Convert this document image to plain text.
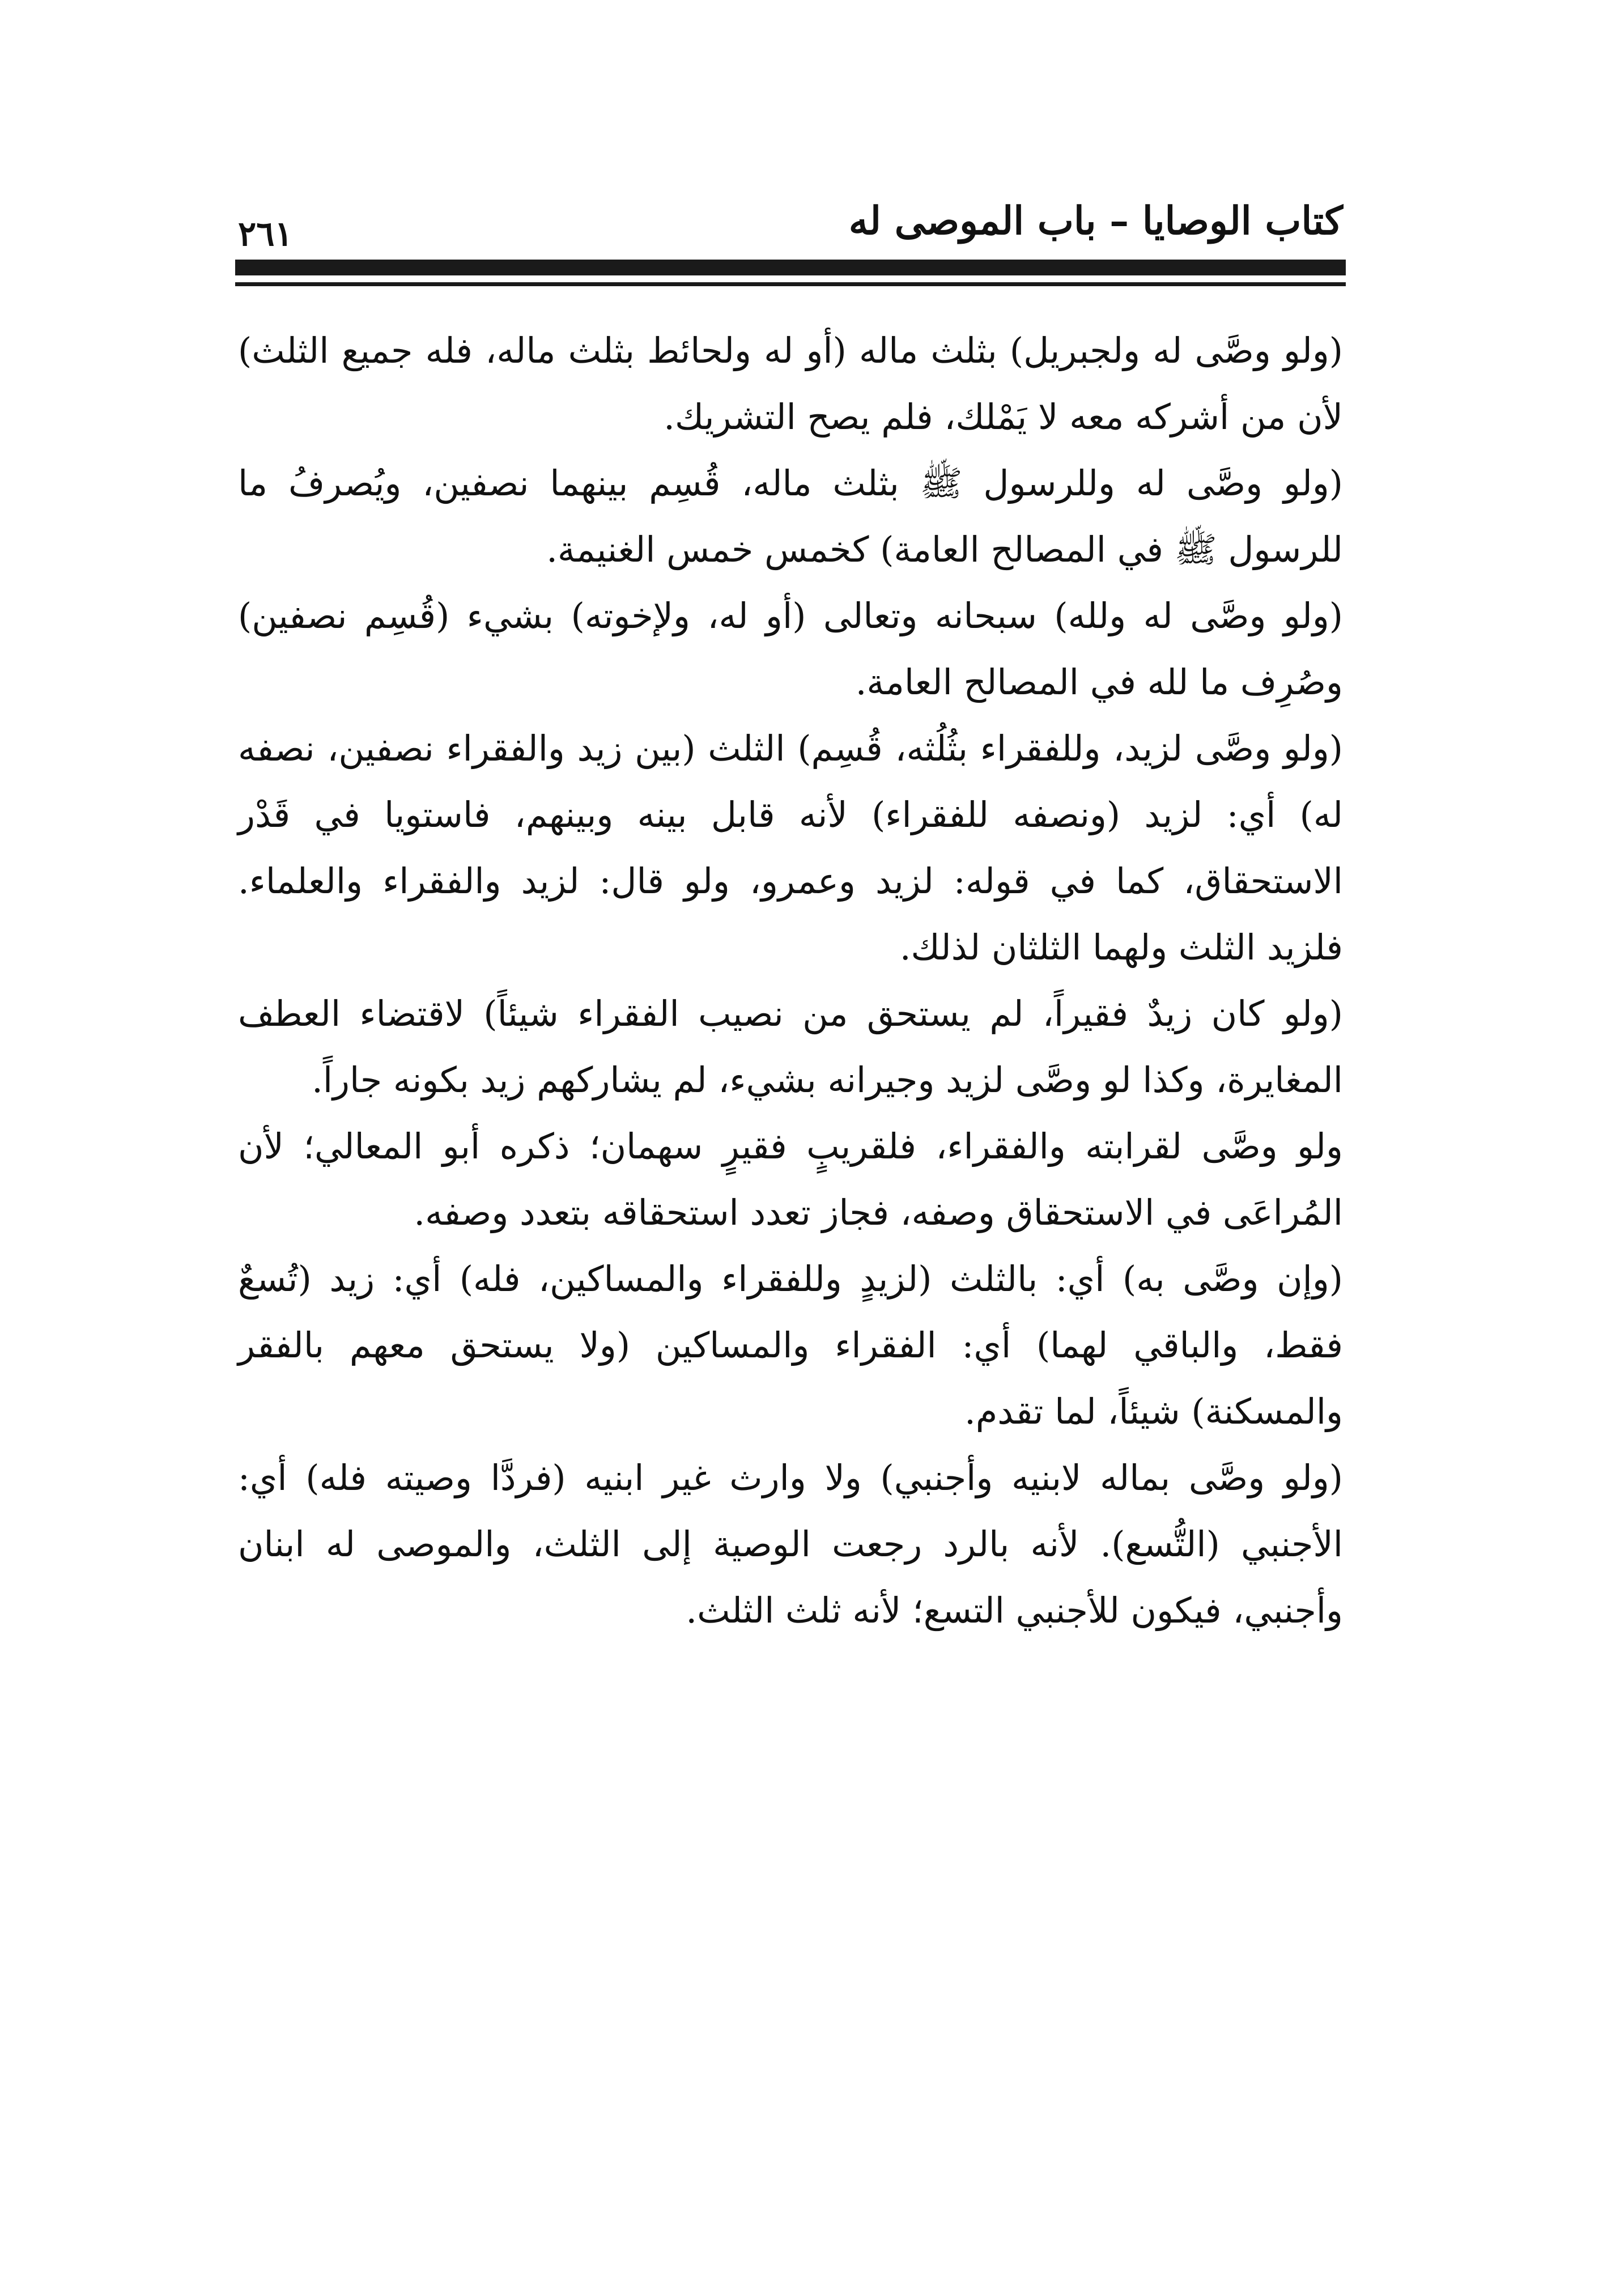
كتاب الوصايا – باب الموصى له
٢٦١

(ولو وصَّى له ولجبريل) بثلث ماله (أو له ولحائط بثلث ماله، فله جميع الثلث) لأن من أشركه معه لا يَمْلك، فلم يصح التشريك.

(ولو وصَّى له وللرسول ﷺ بثلث ماله، قُسِم بينهما نصفين، ويُصرفُ ما للرسول ﷺ في المصالح العامة) كخمس خمس الغنيمة.

(ولو وصَّى له ولله) سبحانه وتعالى (أو له، ولإخوته) بشيء (قُسِم نصفين) وصُرِف ما لله في المصالح العامة.

(ولو وصَّى لزيد، وللفقراء بثُلُثه، قُسِم) الثلث (بين زيد والفقراء نصفين، نصفه له) أي: لزيد (ونصفه للفقراء) لأنه قابل بينه وبينهم، فاستويا في قَدْر الاستحقاق، كما في قوله: لزيد وعمرو، ولو قال: لزيد والفقراء والعلماء. فلزيد الثلث ولهما الثلثان لذلك.

(ولو كان زيدٌ فقيراً، لم يستحق من نصيب الفقراء شيئاً) لاقتضاء العطف المغايرة، وكذا لو وصَّى لزيد وجيرانه بشيء، لم يشاركهم زيد بكونه جاراً.

ولو وصَّى لقرابته والفقراء، فلقريبٍ فقيرٍ سهمان؛ ذكره أبو المعالي؛ لأن المُراعَى في الاستحقاق وصفه، فجاز تعدد استحقاقه بتعدد وصفه.

(وإن وصَّى به) أي: بالثلث (لزيدٍ وللفقراء والمساكين، فله) أي: زيد (تُسعٌ فقط، والباقي لهما) أي: الفقراء والمساكين (ولا يستحق معهم بالفقر والمسكنة) شيئاً، لما تقدم.

(ولو وصَّى بماله لابنيه وأجنبي) ولا وارث غير ابنيه (فردَّا وصيته فله) أي: الأجنبي (التُّسع). لأنه بالرد رجعت الوصية إلى الثلث، والموصى له ابنان وأجنبي، فيكون للأجنبي التسع؛ لأنه ثلث الثلث.
